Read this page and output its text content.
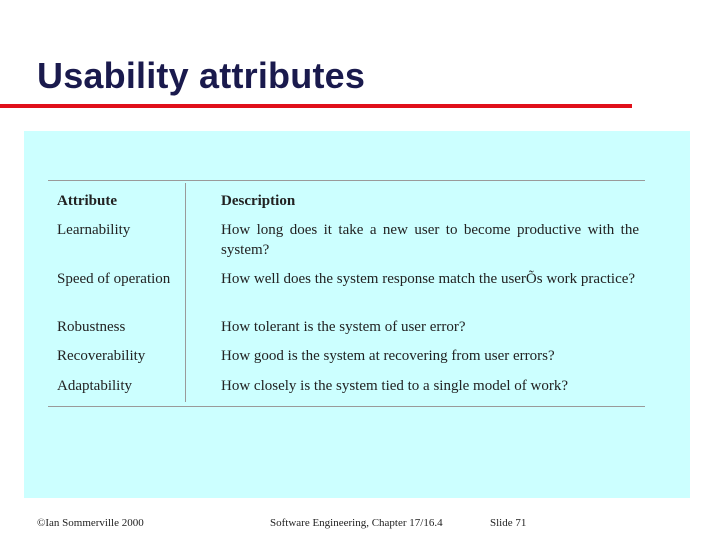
Usability attributes
Attribute	Description
Learnability	How long does it take a new user to become productive with the system?
Speed of operation	How well does the system response match the userÕs work practice?
Robustness	How tolerant is the system of user error?
Recoverability	How good is the system at recovering from user errors?
Adaptability	How closely is the system tied to a single model of work?
©Ian Sommerville 2000	Software Engineering, Chapter 17/16.4	Slide 71
